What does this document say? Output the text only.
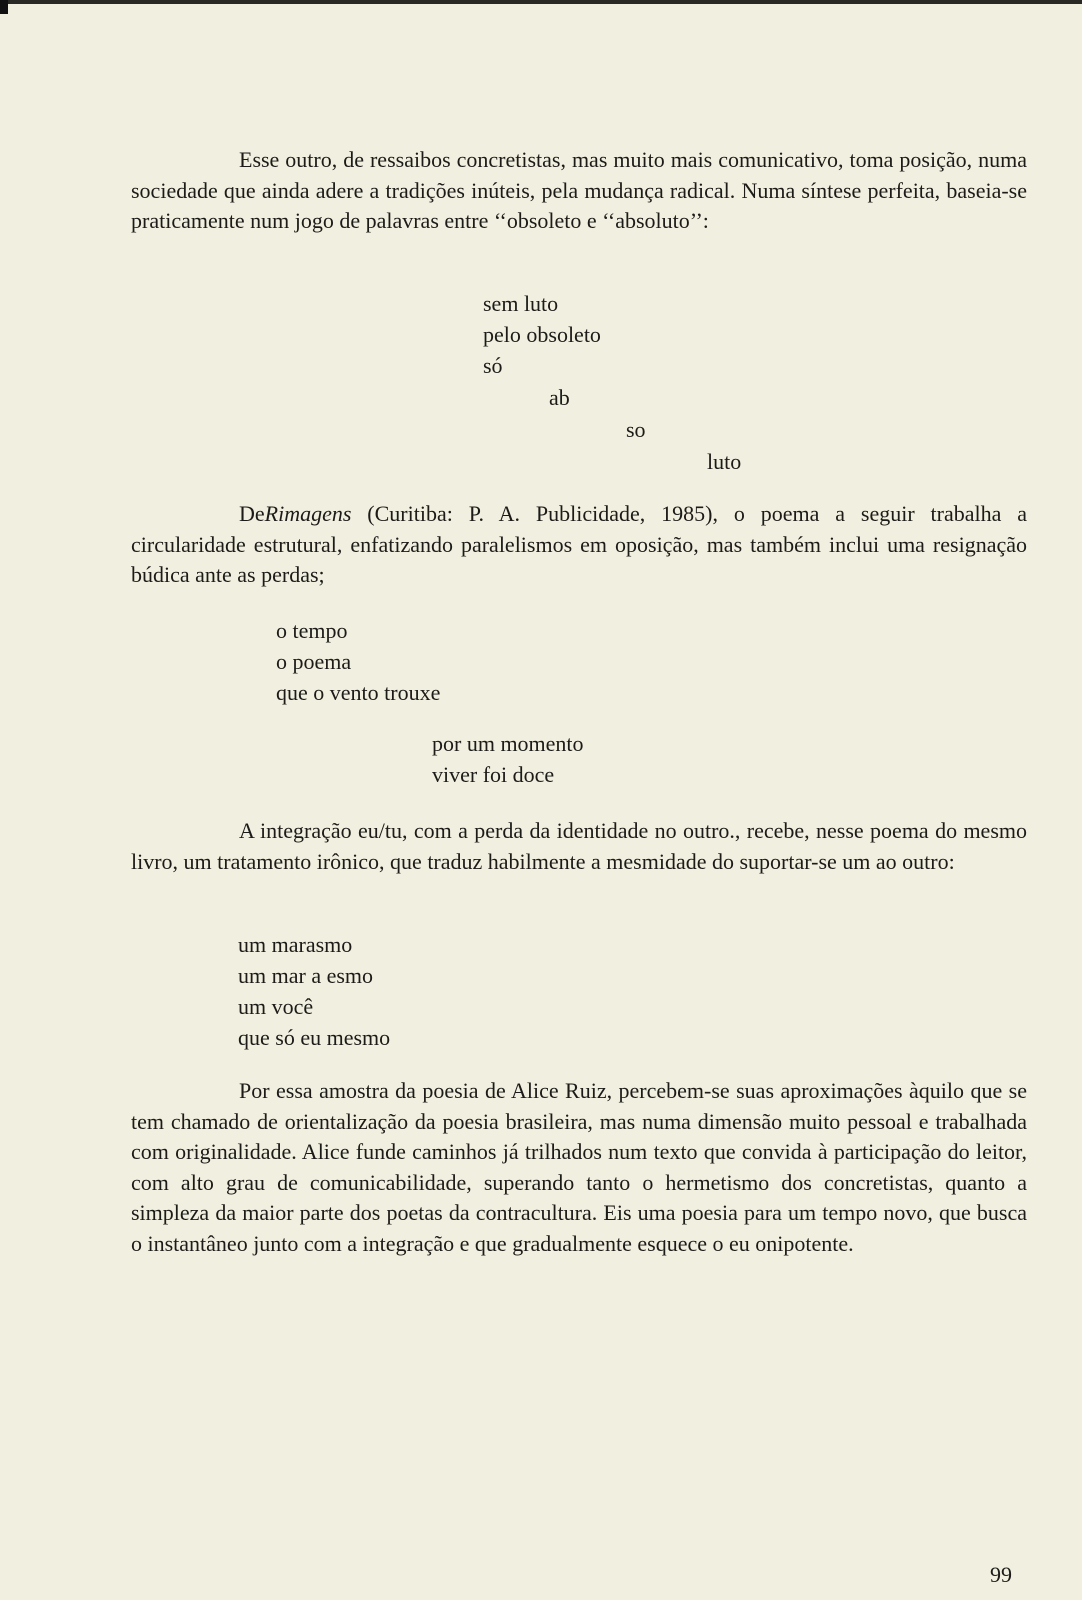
Esse outro, de ressaibos concretistas, mas muito mais comunicativo, toma posição, numa sociedade que ainda adere a tradições inúteis, pela mudança radical. Numa síntese perfeita, baseia-se praticamente num jogo de palavras entre ‘‘obsoleto e ‘‘absoluto’’:

sem luto

pelo obsoleto

só

ab

so

luto

DeRimagens (Curitiba: P. A. Publicidade, 1985), o poema a seguir trabalha a circularidade estrutural, enfatizando paralelismos em oposição, mas também inclui uma resignação búdica ante as perdas;

o tempo

o poema

que o vento trouxe

por um momento

viver foi doce

A integração eu/tu, com a perda da identidade no outro., recebe, nesse poema do mesmo livro, um tratamento irônico, que traduz habilmente a mesmidade do suportar-se um ao outro:

um marasmo

um mar a esmo

um você

que só eu mesmo

Por essa amostra da poesia de Alice Ruiz, percebem-se suas aproximações àquilo que se tem chamado de orientalização da poesia brasileira, mas numa dimensão muito pessoal e trabalhada com originalidade. Alice funde caminhos já trilhados num texto que convida à participação do leitor, com alto grau de comunicabilidade, superando tanto o hermetismo dos concretistas, quanto a simpleza da maior parte dos poetas da contracultura. Eis uma poesia para um tempo novo, que busca o instantâneo junto com a integração e que gradualmente esquece o eu onipotente.

99
